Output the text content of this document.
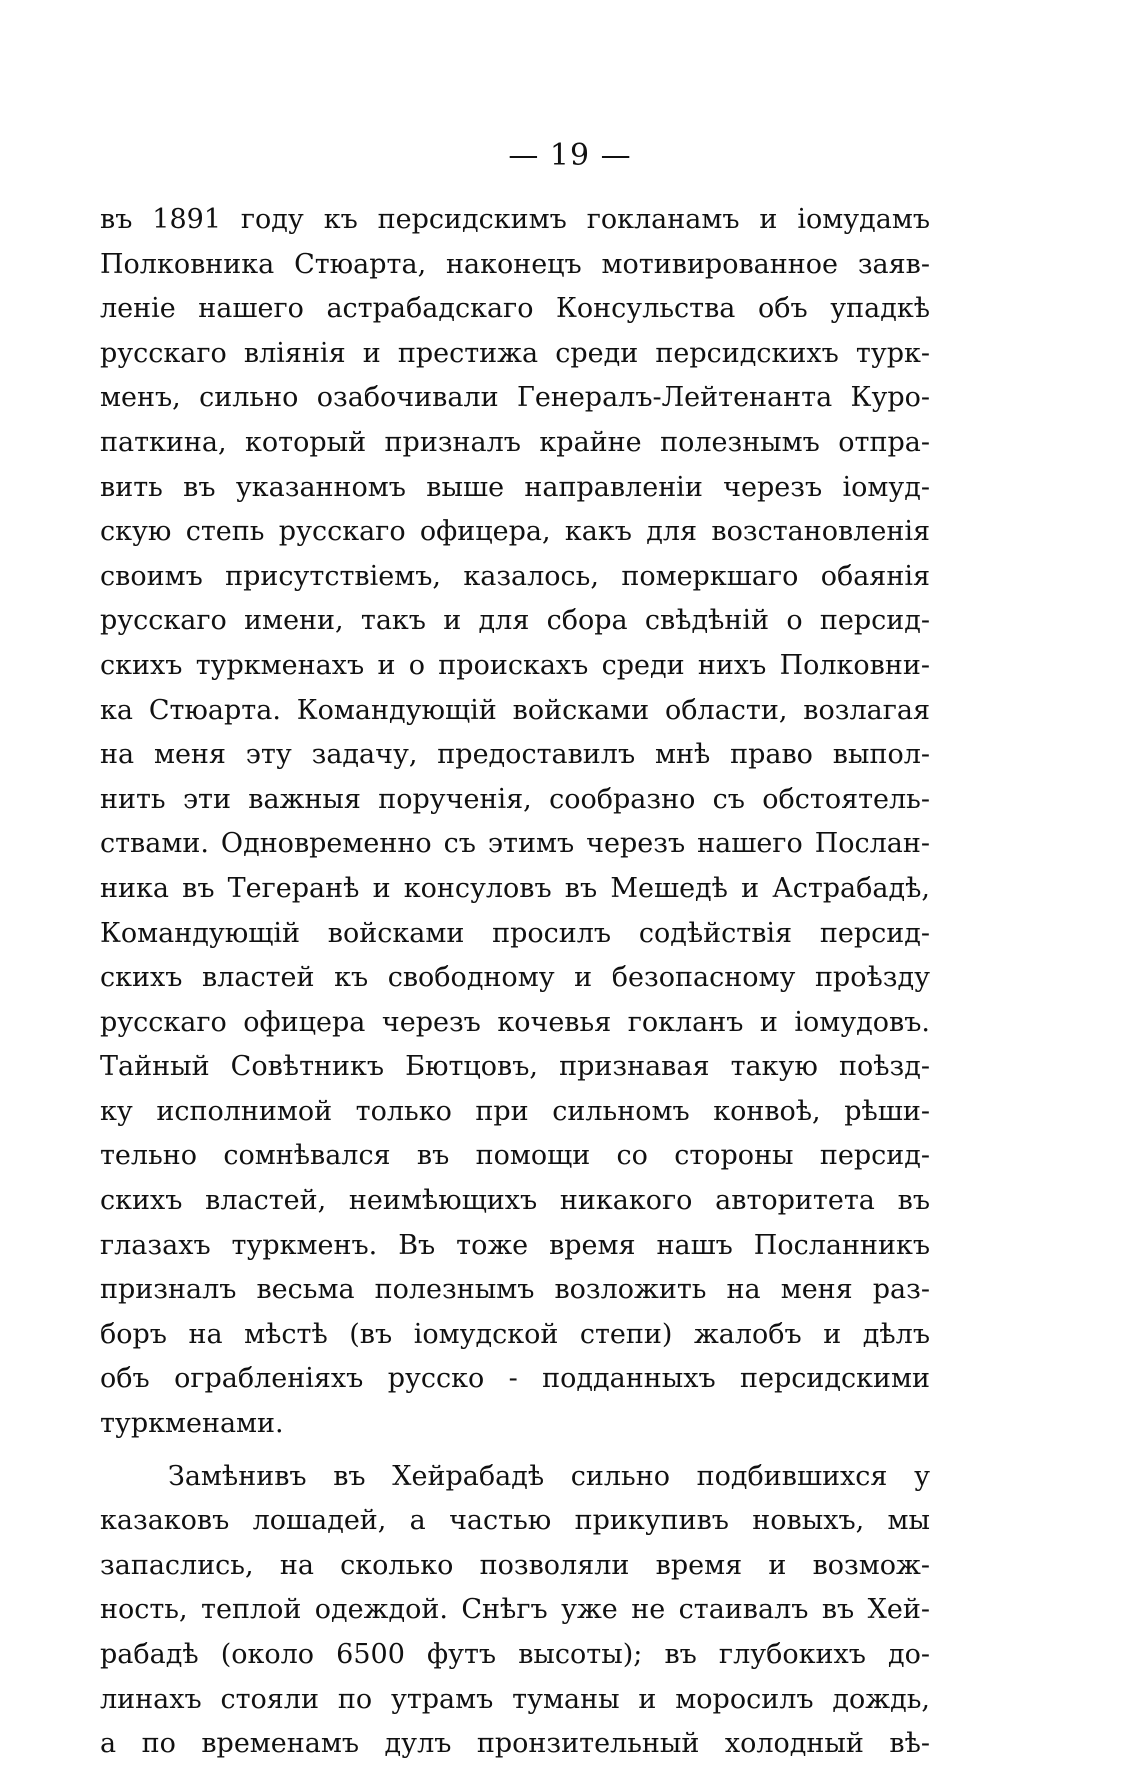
— 19 —

въ 1891 году къ персидскимъ гокланамъ и іомудамъ
Полковника Стюарта, наконецъ мотивированное заяв-
леніе нашего астрабадскаго Консульства объ упадкѣ
русскаго вліянія и престижа среди персидскихъ турк-
менъ, сильно озабочивали Генералъ-Лейтенанта Куро-
паткина, который призналъ крайне полезнымъ отпра-
вить въ указанномъ выше направленіи черезъ іомуд-
скую степь русскаго офицера, какъ для возстановленія
своимъ присутствіемъ, казалось, померкшаго обаянія
русскаго имени, такъ и для сбора свѣдѣній о персид-
скихъ туркменахъ и о проискахъ среди нихъ Полковни-
ка Стюарта. Командующій войсками области, возлагая
на меня эту задачу, предоставилъ мнѣ право выпол-
нить эти важныя порученія, сообразно съ обстоятель-
ствами. Одновременно съ этимъ черезъ нашего Послан-
ника въ Тегеранѣ и консуловъ въ Мешедѣ и Астрабадѣ,
Командующій войсками просилъ содѣйствія персид-
скихъ властей къ свободному и безопасному проѣзду
русскаго офицера черезъ кочевья гокланъ и іомудовъ.
Тайный Совѣтникъ Бютцовъ, признавая такую поѣзд-
ку исполнимой только при сильномъ конвоѣ, рѣши-
тельно сомнѣвался въ помощи со стороны персид-
скихъ властей, неимѣющихъ никакого авторитета въ
глазахъ туркменъ. Въ тоже время нашъ Посланникъ
призналъ весьма полезнымъ возложить на меня раз-
боръ на мѣстѣ (въ іомудской степи) жалобъ и дѣлъ
объ ограбленіяхъ русско - подданныхъ персидскими
туркменами.
Замѣнивъ въ Хейрабадѣ сильно подбившихся у
казаковъ лошадей, а частью прикупивъ новыхъ, мы
запаслись, на сколько позволяли время и возмож-
ность, теплой одеждой. Снѣгъ уже не стаивалъ въ Хей-
рабадѣ (около 6500 футъ высоты); въ глубокихъ до-
линахъ стояли по утрамъ туманы и моросилъ дождь,
а по временамъ дулъ пронзительный холодный вѣ-
